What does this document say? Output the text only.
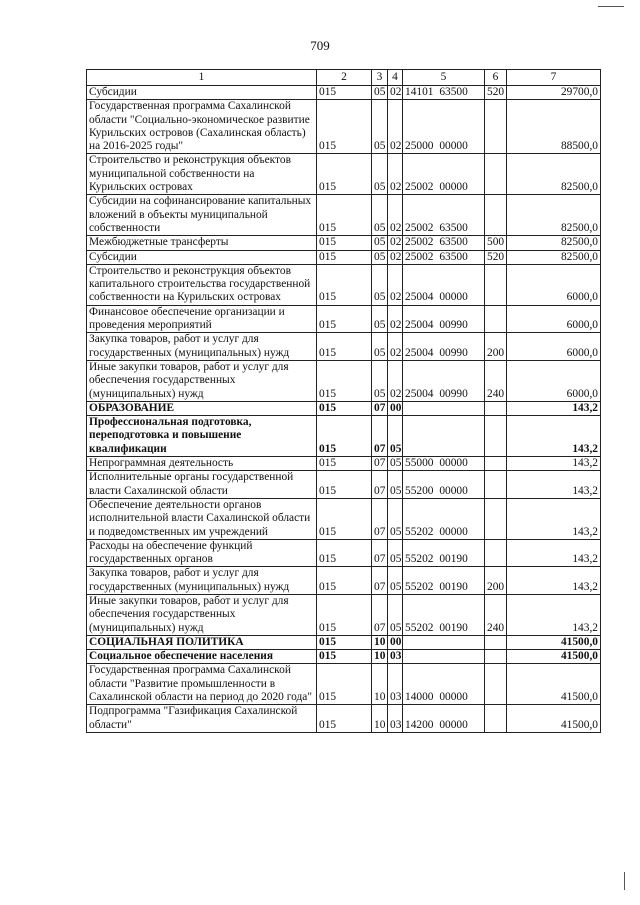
709
1	2	3	4	5	6	7
Субсидии	015	05	02	14101 63500	520	29700,0
Государственная программа Сахалинской области "Социально-экономическое развитие Курильских островов (Сахалинская область) на 2016-2025 годы"	015	05	02	25000 00000		88500,0
Строительство и реконструкция объектов муниципальной собственности на Курильских островах	015	05	02	25002 00000		82500,0
Субсидии на софинансирование капитальных вложений в объекты муниципальной собственности	015	05	02	25002 63500		82500,0
Межбюджетные трансферты	015	05	02	25002 63500	500	82500,0
Субсидии	015	05	02	25002 63500	520	82500,0
Строительство и реконструкция объектов капитального строительства государственной собственности на Курильских островах	015	05	02	25004 00000		6000,0
Финансовое обеспечение организации и проведения мероприятий	015	05	02	25004 00990		6000,0
Закупка товаров, работ и услуг для государственных (муниципальных) нужд	015	05	02	25004 00990	200	6000,0
Иные закупки товаров, работ и услуг для обеспечения государственных (муниципальных) нужд	015	05	02	25004 00990	240	6000,0
ОБРАЗОВАНИЕ	015	07	00			143,2
Профессиональная подготовка, переподготовка и повышение квалификации	015	07	05			143,2
Непрограммная деятельность	015	07	05	55000 00000		143,2
Исполнительные органы государственной власти Сахалинской области	015	07	05	55200 00000		143,2
Обеспечение деятельности органов исполнительной власти Сахалинской области и подведомственных им учреждений	015	07	05	55202 00000		143,2
Расходы на обеспечение функций государственных органов	015	07	05	55202 00190		143,2
Закупка товаров, работ и услуг для государственных (муниципальных) нужд	015	07	05	55202 00190	200	143,2
Иные закупки товаров, работ и услуг для обеспечения государственных (муниципальных) нужд	015	07	05	55202 00190	240	143,2
СОЦИАЛЬНАЯ ПОЛИТИКА	015	10	00			41500,0
Социальное обеспечение населения	015	10	03			41500,0
Государственная программа Сахалинской области "Развитие промышленности в Сахалинской области на период до 2020 года"	015	10	03	14000 00000		41500,0
Подпрограмма "Газификация Сахалинской области"	015	10	03	14200 00000		41500,0
